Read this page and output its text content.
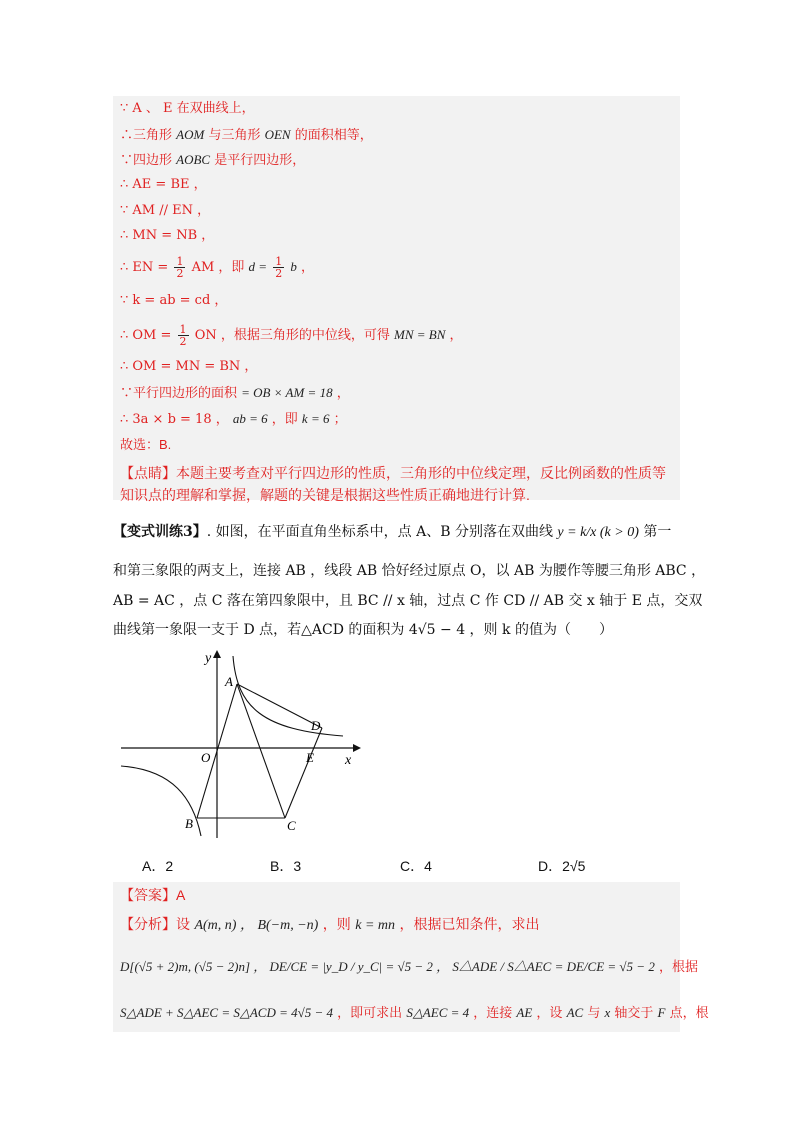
∵ A 、 E 在双曲线上，
∴三角形 AOM 与三角形 OEN 的面积相等，
∵四边形 AOBC 是平行四边形，
∴ AE = BE ，
∵ AM // EN ，
∴ MN = NB ，
∴ EN = $\frac{1}{2}$ AM ，即 $d = \frac{1}{2}$ b ，
∵ k = ab = cd ，
∴ OM = $\frac{1}{2}$ ON ，根据三角形的中位线，可得 MN = BN ，
∴ OM = MN = BN ，
∵平行四边形的面积 = OB × AM = 18 ，
∴ 3a × b = 18 ， ab = 6 ，即 k = 6 ；
故选：B.
【点睛】本题主要考查对平行四边形的性质，三角形的中位线定理，反比例函数的性质等
知识点的理解和掌握，解题的关键是根据这些性质正确地进行计算.
【变式训练3】. 如图，在平面直角坐标系中，点 A、B 分别落在双曲线 y = k/x (k > 0) 第一
和第三象限的两支上，连接 AB ，线段 AB 恰好经过原点 O，以 AB 为腰作等腰三角形 ABC ，
AB = AC ，点 C 落在第四象限中，且 BC // x 轴，过点 C 作 CD // AB 交 x 轴于 E 点，交双
曲线第一象限一支于 D 点，若△ACD 的面积为 4√5 − 4 ，则 k 的值为（　　）
y
x
A
O
D
E
B	C
A．2	B．3	C．4	D．2√5
【答案】A
【分析】设 A(m, n) ， B(−m, −n) ，则 k = mn ，根据已知条件，求出
D[(√5 + 2)m, (√5 − 2)n] ， DE/CE = |y_D / y_C| = √5 − 2 ， S△ADE / S△AEC = DE/CE = √5 − 2 ，根据
S△ADE + S△AEC = S△ACD = 4√5 − 4 ，即可求出 S△AEC = 4 ，连接 AE ，设 AC 与 x 轴交于 F 点，根
